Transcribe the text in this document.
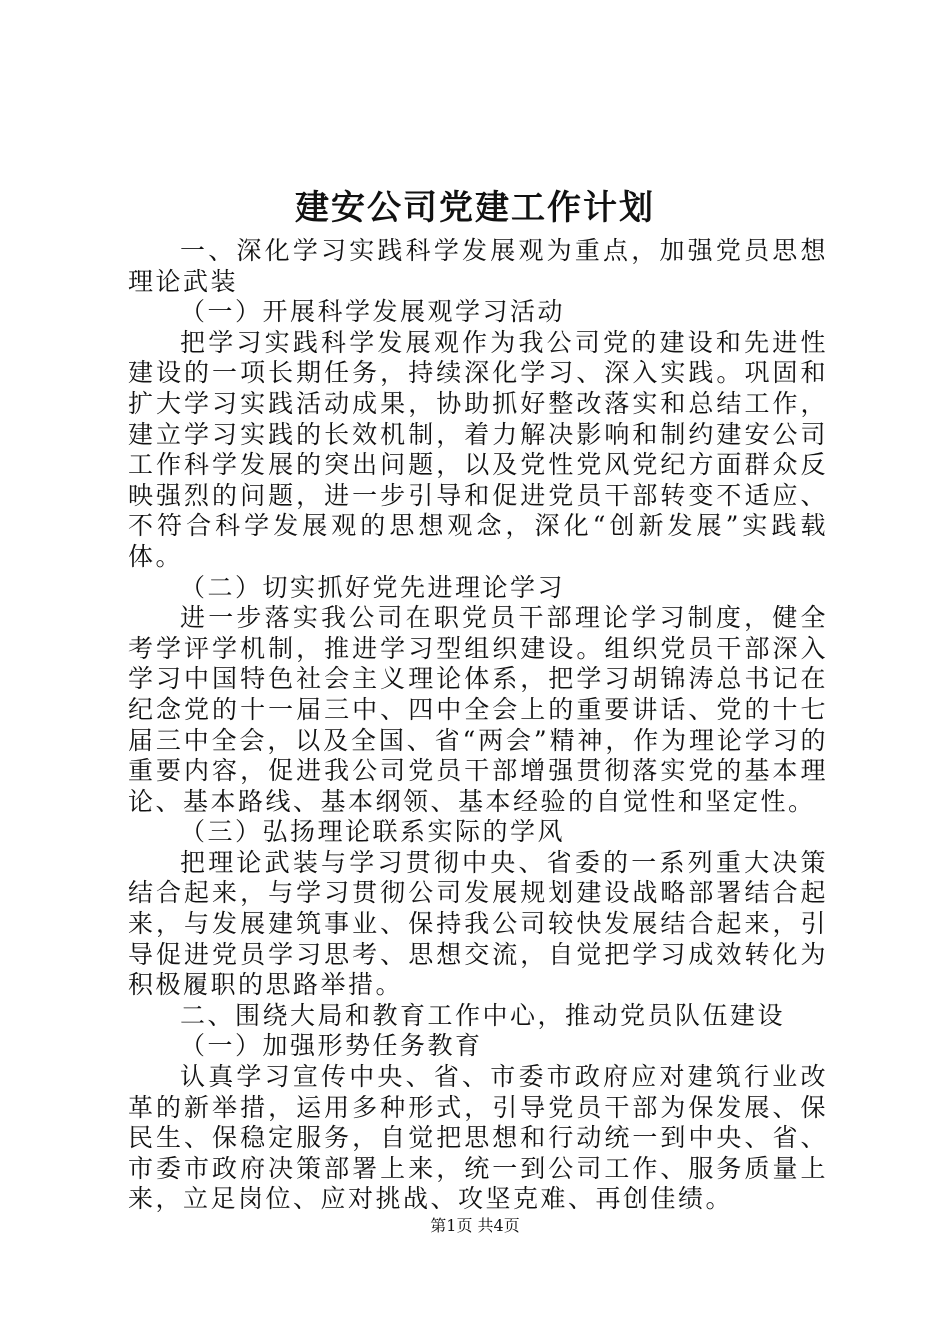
建安公司党建工作计划

一、深化学习实践科学发展观为重点，加强党员思想理论武装

（一）开展科学发展观学习活动

把学习实践科学发展观作为我公司党的建设和先进性建设的一项长期任务，持续深化学习、深入实践。巩固和扩大学习实践活动成果，协助抓好整改落实和总结工作，建立学习实践的长效机制，着力解决影响和制约建安公司工作科学发展的突出问题，以及党性党风党纪方面群众反映强烈的问题，进一步引导和促进党员干部转变不适应、不符合科学发展观的思想观念，深化“创新发展”实践载体。

（二）切实抓好党先进理论学习

进一步落实我公司在职党员干部理论学习制度，健全考学评学机制，推进学习型组织建设。组织党员干部深入学习中国特色社会主义理论体系，把学习胡锦涛总书记在纪念党的十一届三中、四中全会上的重要讲话、党的十七届三中全会，以及全国、省“两会”精神，作为理论学习的重要内容，促进我公司党员干部增强贯彻落实党的基本理论、基本路线、基本纲领、基本经验的自觉性和坚定性。

（三）弘扬理论联系实际的学风

把理论武装与学习贯彻中央、省委的一系列重大决策结合起来，与学习贯彻公司发展规划建设战略部署结合起来，与发展建筑事业、保持我公司较快发展结合起来，引导促进党员学习思考、思想交流，自觉把学习成效转化为积极履职的思路举措。

二、围绕大局和教育工作中心，推动党员队伍建设

（一）加强形势任务教育

认真学习宣传中央、省、市委市政府应对建筑行业改革的新举措，运用多种形式，引导党员干部为保发展、保民生、保稳定服务，自觉把思想和行动统一到中央、省、市委市政府决策部署上来，统一到公司工作、服务质量上来，立足岗位、应对挑战、攻坚克难、再创佳绩。

第1页 共4页
